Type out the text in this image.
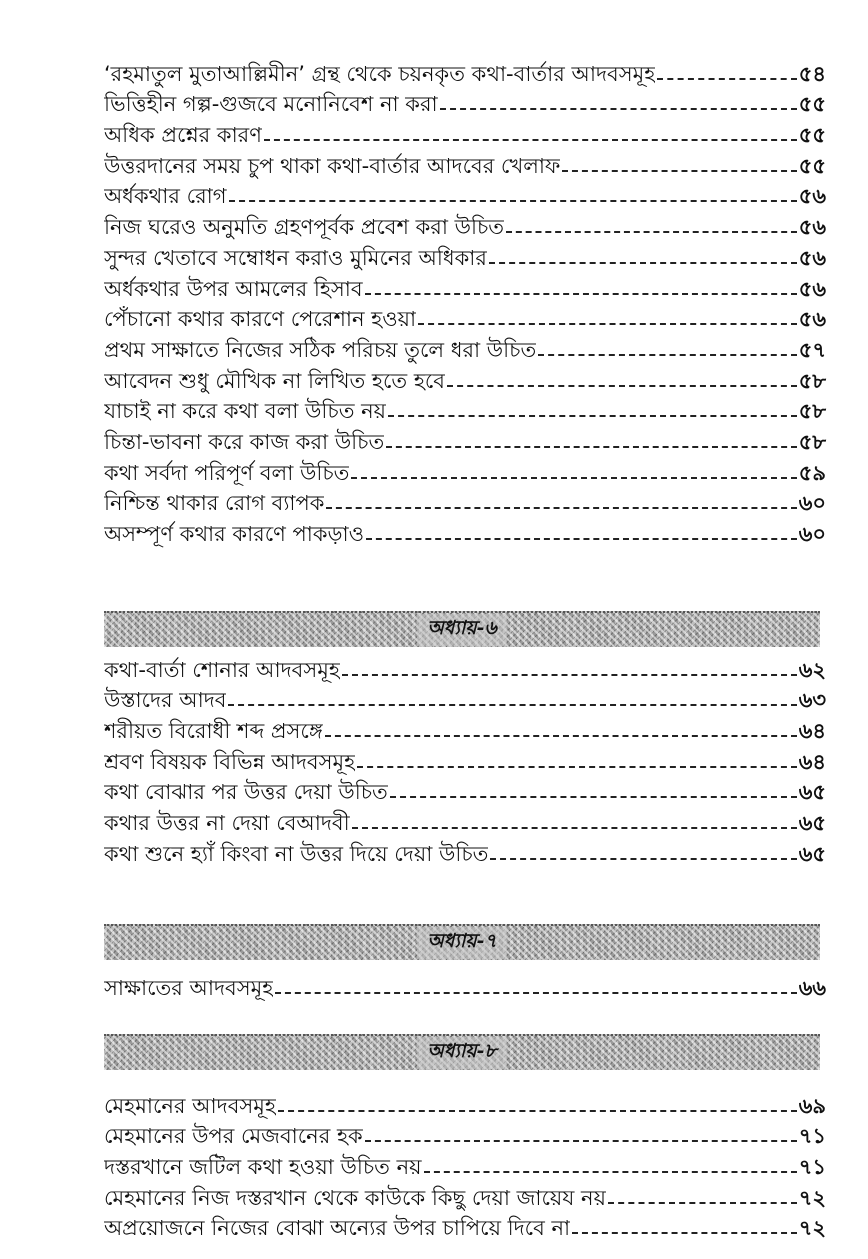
‘রহমাতুল মুতাআল্লিমীন’ গ্রন্থ থেকে চয়নকৃত কথা-বার্তার আদবসমূহ	৫৪
ভিত্তিহীন গল্প-গুজবে মনোনিবেশ না করা	৫৫
অধিক প্রশ্নের কারণ	৫৫
উত্তরদানের সময় চুপ থাকা কথা-বার্তার আদবের খেলাফ	৫৫
অর্ধকথার রোগ	৫৬
নিজ ঘরেও অনুমতি গ্রহণপূর্বক প্রবেশ করা উচিত	৫৬
সুন্দর খেতাবে সম্বোধন করাও মুমিনের অধিকার	৫৬
অর্ধকথার উপর আমলের হিসাব	৫৬
পেঁচানো কথার কারণে পেরেশান হওয়া	৫৬
প্রথম সাক্ষাতে নিজের সঠিক পরিচয় তুলে ধরা উচিত	৫৭
আবেদন শুধু মৌখিক না লিখিত হতে হবে	৫৮
যাচাই না করে কথা বলা উচিত নয়	৫৮
চিন্তা-ভাবনা করে কাজ করা উচিত	৫৮
কথা সর্বদা পরিপূর্ণ বলা উচিত	৫৯
নিশ্চিন্ত থাকার রোগ ব্যাপক	৬০
অসম্পূর্ণ কথার কারণে পাকড়াও	৬০
অধ্যায়-৬
কথা-বার্তা শোনার আদবসমূহ	৬২
উস্তাদের আদব	৬৩
শরীয়ত বিরোধী শব্দ প্রসঙ্গে	৬৪
শ্রবণ বিষয়ক বিভিন্ন আদবসমূহ	৬৪
কথা বোঝার পর উত্তর দেয়া উচিত	৬৫
কথার উত্তর না দেয়া বেআদবী	৬৫
কথা শুনে হ্যাঁ কিংবা না উত্তর দিয়ে দেয়া উচিত	৬৫
অধ্যায়-৭
সাক্ষাতের আদবসমূহ	৬৬
অধ্যায়-৮
মেহমানের আদবসমূহ	৬৯
মেহমানের উপর মেজবানের হক	৭১
দস্তরখানে জটিল কথা হওয়া উচিত নয়	৭১
মেহমানের নিজ দস্তরখান থেকে কাউকে কিছু দেয়া জায়েয নয়	৭২
অপ্রয়োজনে নিজের বোঝা অন্যের উপর চাপিয়ে দিবে না	৭২
